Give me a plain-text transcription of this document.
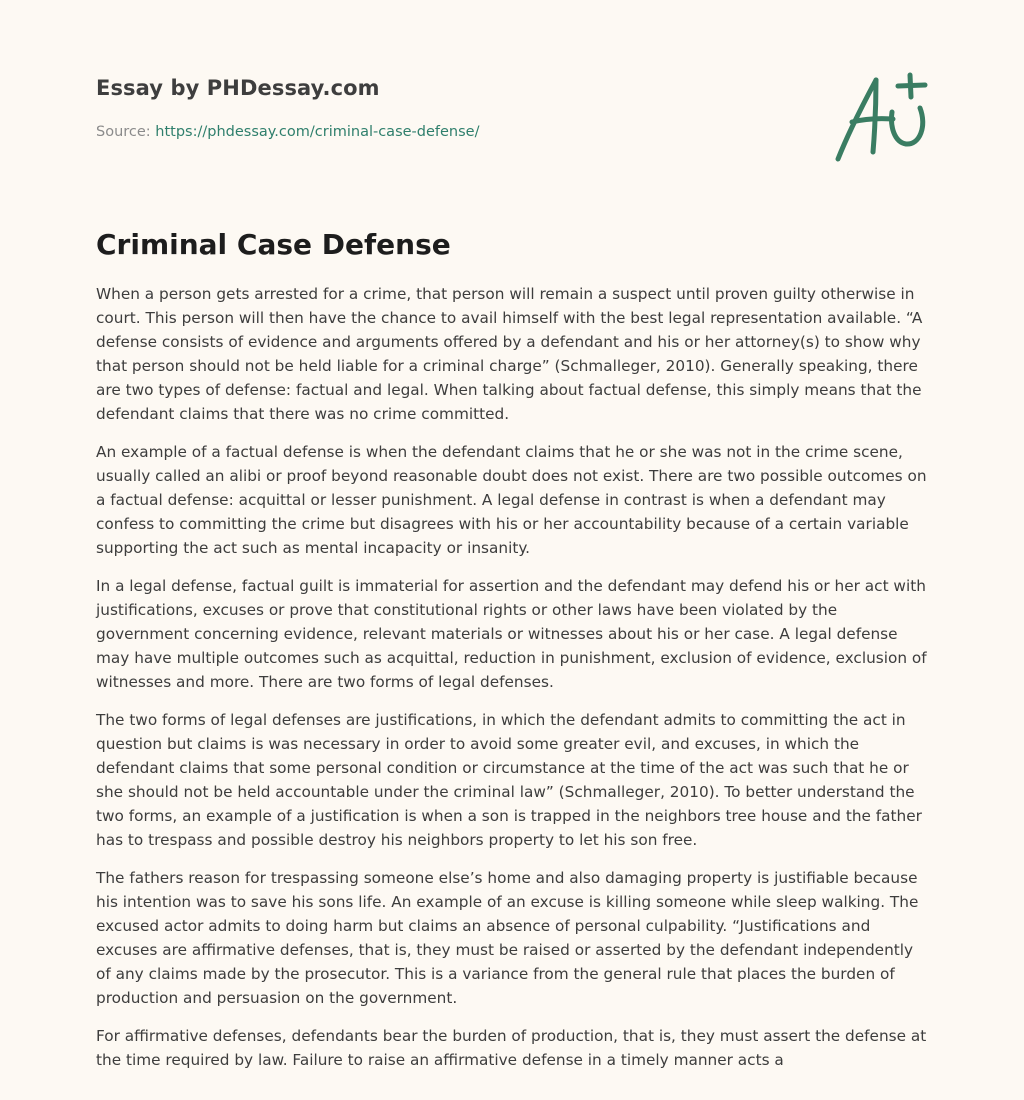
Essay by PHDessay.com

Source: https://phdessay.com/criminal-case-defense/

Criminal Case Defense

When a person gets arrested for a crime, that person will remain a suspect until proven guilty otherwise in court. This person will then have the chance to avail himself with the best legal representation available. “A defense consists of evidence and arguments offered by a defendant and his or her attorney(s) to show why that person should not be held liable for a criminal charge” (Schmalleger, 2010). Generally speaking, there are two types of defense: factual and legal. When talking about factual defense, this simply means that the defendant claims that there was no crime committed.

An example of a factual defense is when the defendant claims that he or she was not in the crime scene, usually called an alibi or proof beyond reasonable doubt does not exist. There are two possible outcomes on a factual defense: acquittal or lesser punishment. A legal defense in contrast is when a defendant may confess to committing the crime but disagrees with his or her accountability because of a certain variable supporting the act such as mental incapacity or insanity.

In a legal defense, factual guilt is immaterial for assertion and the defendant may defend his or her act with justifications, excuses or prove that constitutional rights or other laws have been violated by the government concerning evidence, relevant materials or witnesses about his or her case. A legal defense may have multiple outcomes such as acquittal, reduction in punishment, exclusion of evidence, exclusion of witnesses and more. There are two forms of legal defenses.

The two forms of legal defenses are justifications, in which the defendant admits to committing the act in question but claims is was necessary in order to avoid some greater evil, and excuses, in which the defendant claims that some personal condition or circumstance at the time of the act was such that he or she should not be held accountable under the criminal law” (Schmalleger, 2010). To better understand the two forms, an example of a justification is when a son is trapped in the neighbors tree house and the father has to trespass and possible destroy his neighbors property to let his son free.

The fathers reason for trespassing someone else’s home and also damaging property is justifiable because his intention was to save his sons life. An example of an excuse is killing someone while sleep walking. The excused actor admits to doing harm but claims an absence of personal culpability. “Justifications and excuses are affirmative defenses, that is, they must be raised or asserted by the defendant independently of any claims made by the prosecutor. This is a variance from the general rule that places the burden of production and persuasion on the government.

For affirmative defenses, defendants bear the burden of production, that is, they must assert the defense at the time required by law. Failure to raise an affirmative defense in a timely manner acts a
